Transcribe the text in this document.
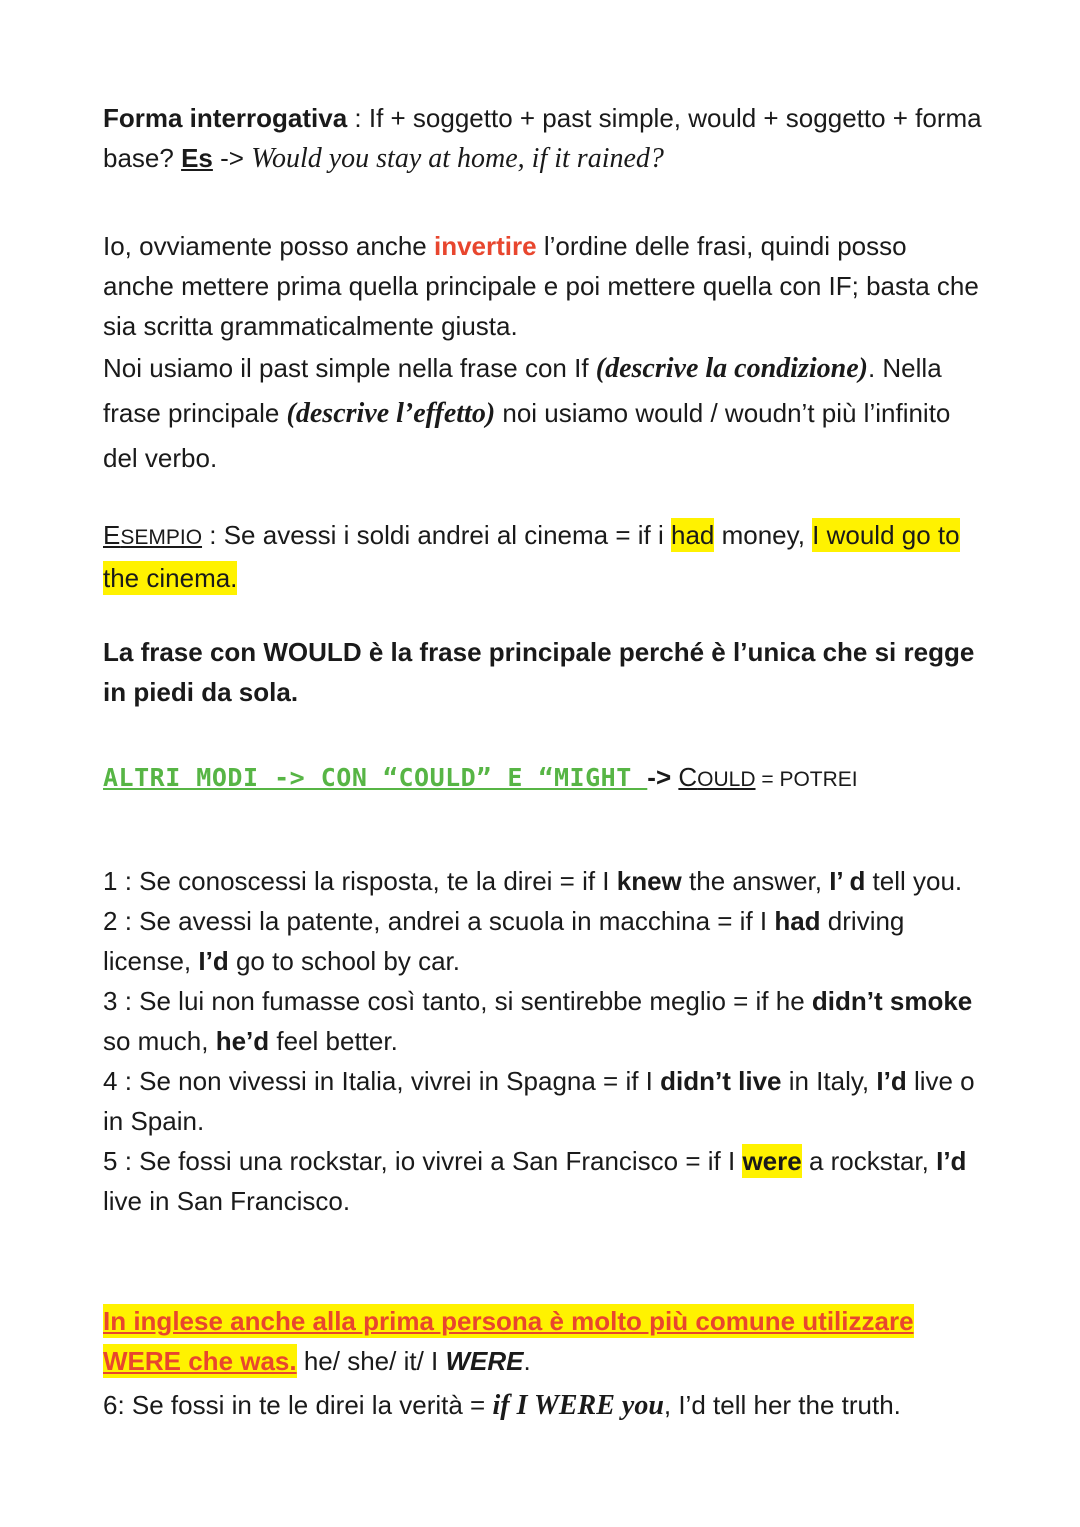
Forma interrogativa : If + soggetto + past simple, would + soggetto + forma base? Es -> Would you stay at home, if it rained?

Io, ovviamente posso anche invertire l’ordine delle frasi, quindi posso anche mettere prima quella principale e poi mettere quella con IF; basta che sia scritta grammaticalmente giusta.

Noi usiamo il past simple nella frase con If (descrive la condizione). Nella frase principale (descrive l’effetto) noi usiamo would / woudn’t più l’infinito del verbo.

ESEMPIO : Se avessi i soldi andrei al cinema = if i had money, I would go to the cinema.

La frase con WOULD è la frase principale perché è l’unica che si regge in piedi da sola.

ALTRI MODI -> CON “COULD” E “MIGHT -> COULD = POTREI

1 : Se conoscessi la risposta, te la direi = if I knew the answer, I’ d tell you.
2 : Se avessi la patente, andrei a scuola in macchina = if I had driving license, I’d go to school by car.
3 : Se lui non fumasse così tanto, si sentirebbe meglio = if he didn’t smoke so much, he’d feel better.
4 : Se non vivessi in Italia, vivrei in Spagna = if I didn’t live in Italy, I’d live o in Spain.
5 : Se fossi una rockstar, io vivrei a San Francisco = if I were a rockstar, I’d live in San Francisco.

In inglese anche alla prima persona è molto più comune utilizzare WERE che was. he/ she/ it/ I WERE.

6: Se fossi in te le direi la verità = if I WERE you, I’d tell her the truth.
